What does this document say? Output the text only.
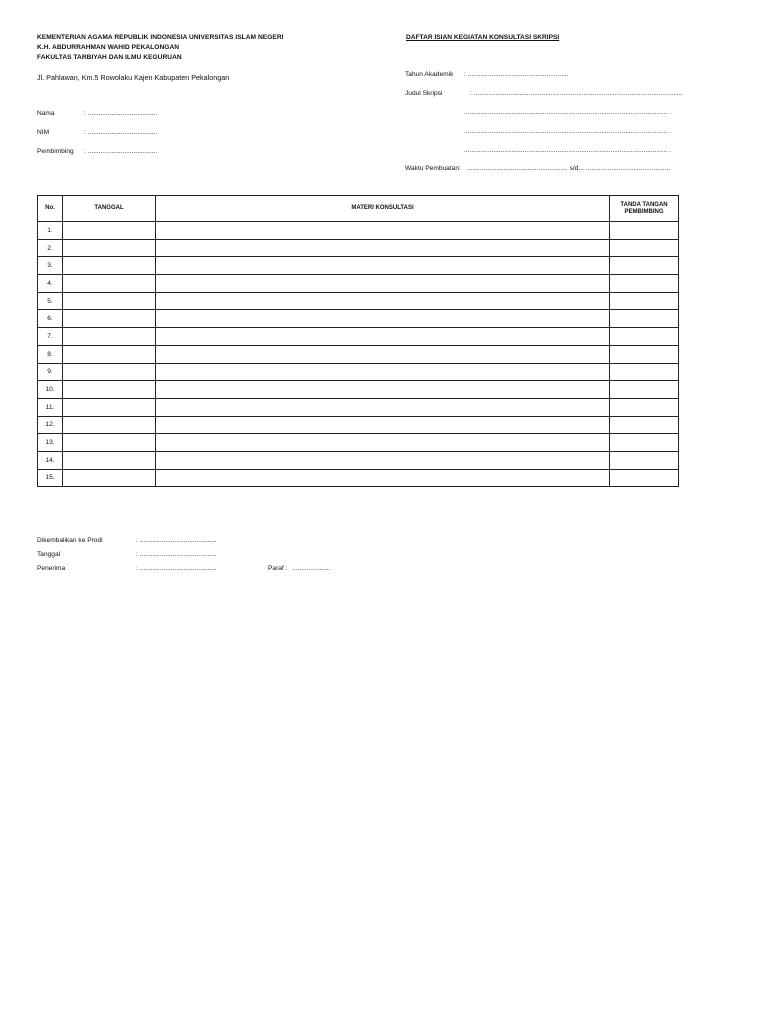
KEMENTERIAN AGAMA REPUBLIK INDONESIA UNIVERSITAS ISLAM NEGERI
K.H. ABDURRAHMAN WAHID PEKALONGAN
FAKULTAS TARBIYAH DAN ILMU KEGURUAN
Jl. Pahlawan, Km.5 Rowolaku Kajen Kabupaten Pekalongan
DAFTAR ISIAN KEGIATAN KONSULTASI SKRIPSI
Nama	: ......................................
NIM	: ......................................
Pembimbing : ......................................
Tahun Akademik : .......................................................
Judul Skripsi	: ..................................................................................................................
............................................................................................................... .
............................................................................................................... .
............................................................................................................... .
Waktu Pembuatan: ....................................................... s/d... ..............................................
No.	TANGGAL	MATERI KONSULTASI	TANDA TANGAN PEMBIMBING
1.			
2.			
3.			
4.			
5.			
6.			
7.			
8.			
9.			
10.			
11.			
12.			
13.			
14.			
15.			
Dikembalikan ke Prodi	: ..........................................
Tanggal	: ..........................................
Penerima	: ..........................................	Paraf : .....................
